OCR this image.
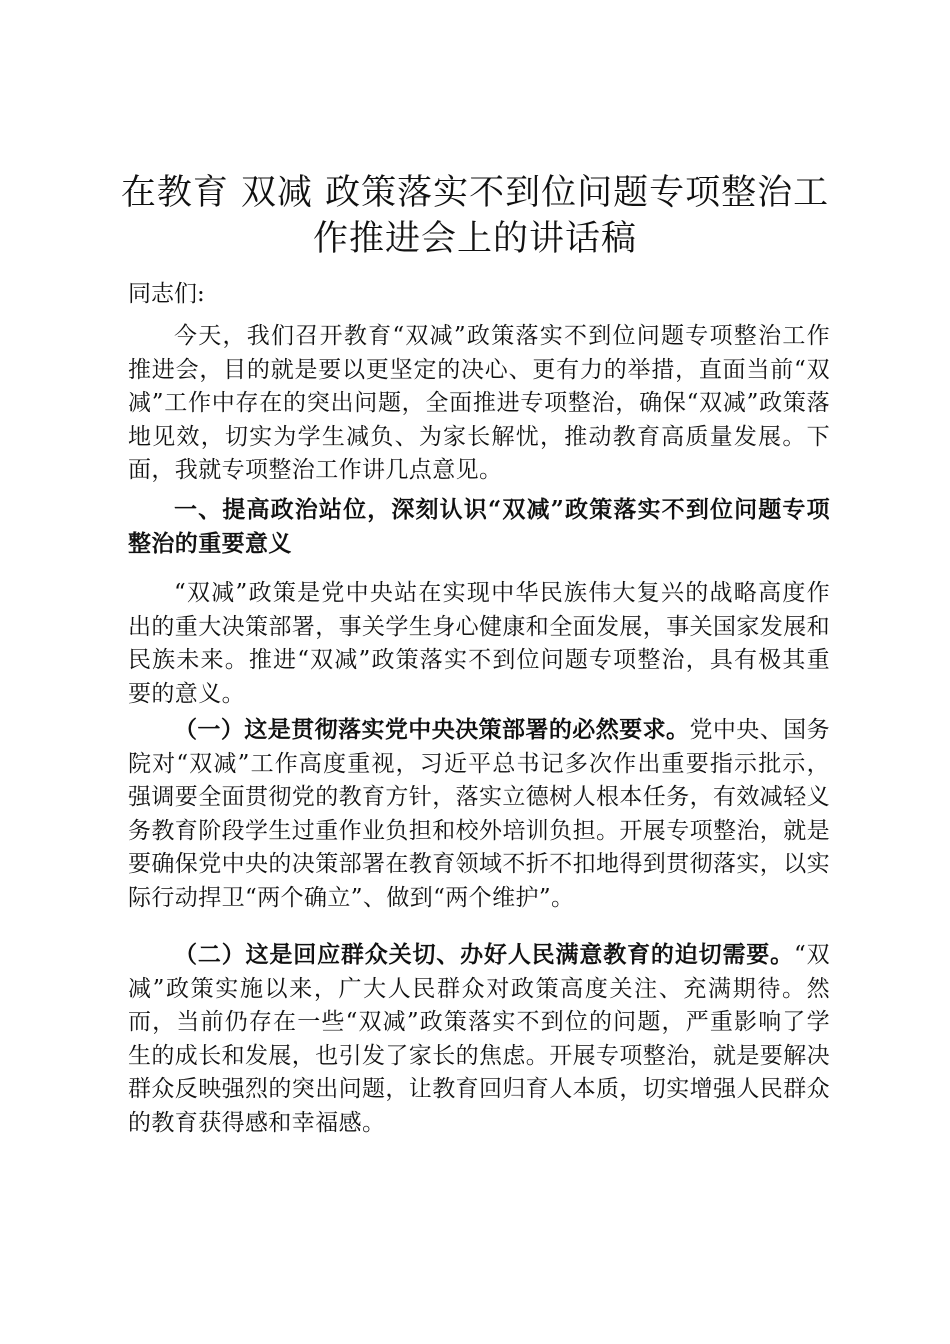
在教育 双减 政策落实不到位问题专项整治工作推进会上的讲话稿

同志们:

今天，我们召开教育“双减”政策落实不到位问题专项整治工作推进会，目的就是要以更坚定的决心、更有力的举措，直面当前“双减”工作中存在的突出问题，全面推进专项整治，确保“双减”政策落地见效，切实为学生减负、为家长解忧，推动教育高质量发展。下面，我就专项整治工作讲几点意见。

一、提高政治站位，深刻认识“双减”政策落实不到位问题专项整治的重要意义

“双减”政策是党中央站在实现中华民族伟大复兴的战略高度作出的重大决策部署，事关学生身心健康和全面发展，事关国家发展和民族未来。推进“双减”政策落实不到位问题专项整治，具有极其重要的意义。

（一）这是贯彻落实党中央决策部署的必然要求。党中央、国务院对“双减”工作高度重视，习近平总书记多次作出重要指示批示，强调要全面贯彻党的教育方针，落实立德树人根本任务，有效减轻义务教育阶段学生过重作业负担和校外培训负担。开展专项整治，就是要确保党中央的决策部署在教育领域不折不扣地得到贯彻落实，以实际行动捍卫“两个确立”、做到“两个维护”。

（二）这是回应群众关切、办好人民满意教育的迫切需要。“双减”政策实施以来，广大人民群众对政策高度关注、充满期待。然而，当前仍存在一些“双减”政策落实不到位的问题，严重影响了学生的成长和发展，也引发了家长的焦虑。开展专项整治，就是要解决群众反映强烈的突出问题，让教育回归育人本质，切实增强人民群众的教育获得感和幸福感。
